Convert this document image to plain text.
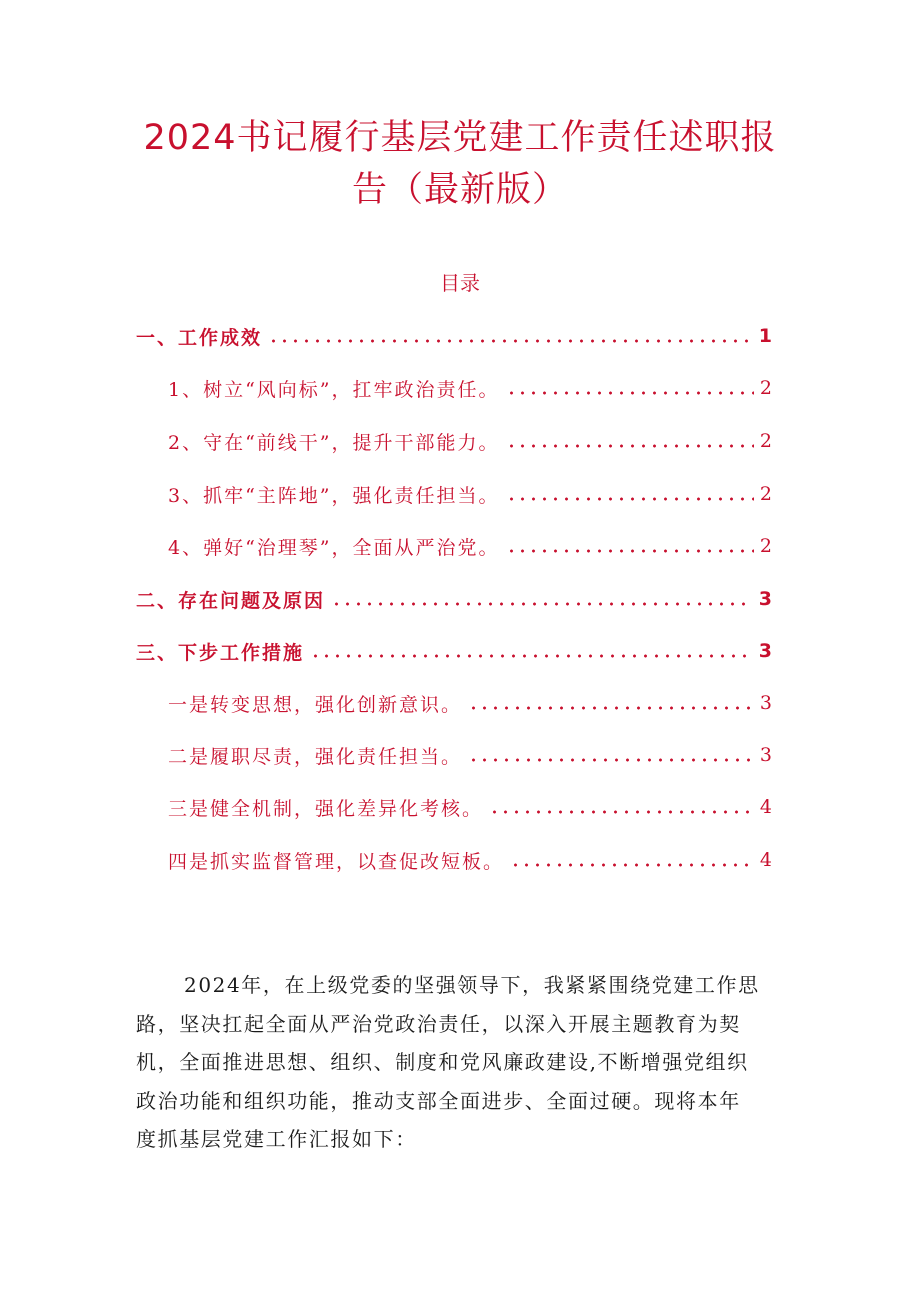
2024书记履行基层党建工作责任述职报
告（最新版）
目录
一、工作成效	1
1、树立“风向标”，扛牢政治责任。	2
2、守在“前线干”，提升干部能力。	2
3、抓牢“主阵地”，强化责任担当。	2
4、弹好“治理琴”，全面从严治党。	2
二、存在问题及原因	3
三、下步工作措施	3
一是转变思想，强化创新意识。	3
二是履职尽责，强化责任担当。	3
三是健全机制，强化差异化考核。	4
四是抓实监督管理，以查促改短板。	4
2024年，在上级党委的坚强领导下，我紧紧围绕党建工作思
路，坚决扛起全面从严治党政治责任，以深入开展主题教育为契
机，全面推进思想、组织、制度和党风廉政建设,不断增强党组织
政治功能和组织功能，推动支部全面进步、全面过硬。现将本年
度抓基层党建工作汇报如下：
